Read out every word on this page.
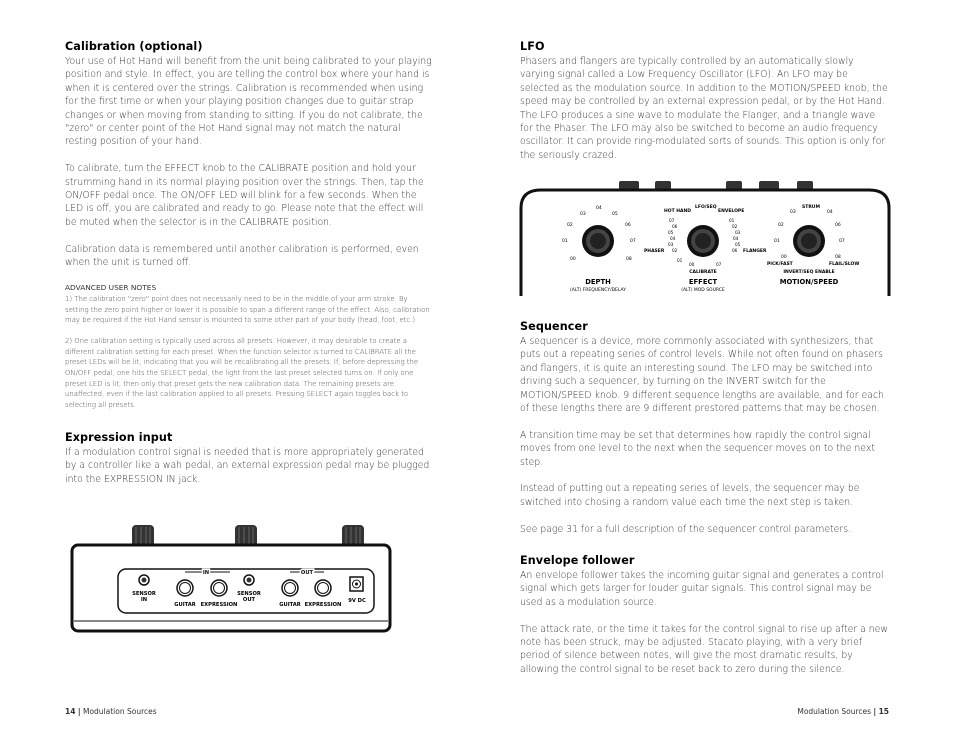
Calibration (optional)

Your use of Hot Hand will benefit from the unit being calibrated to your playing position and style. In effect, you are telling the control box where your hand is when it is centered over the strings. Calibration is recommended when using for the first time or when your playing position changes due to guitar strap changes or when moving from standing to sitting. If you do not calibrate, the "zero" or center point of the Hot Hand signal may not match the natural resting position of your hand.

To calibrate, turn the EFFECT knob to the CALIBRATE position and hold your strumming hand in its normal playing position over the strings. Then, tap the ON/OFF pedal once. The ON/OFF LED will blink for a few seconds. When the LED is off, you are calibrated and ready to go. Please note that the effect will be muted when the selector is in the CALIBRATE position.

Calibration data is remembered until another calibration is performed, even when the unit is turned off.

ADVANCED USER NOTES

1) The calibration "zero" point does not necessarily need to be in the middle of your arm stroke. By setting the zero point higher or lower it is possible to span a different range of the effect. Also, calibration may be required if the Hot Hand sensor is mounted to some other part of your body (head, foot, etc.)

2) One calibration setting is typically used across all presets. However, it may desirable to create a different calibration setting for each preset. When the function selector is turned to CALIBRATE all the preset LEDs will be lit, indicating that you will be recalibrating all the presets. If, before depressing the ON/OFF pedal, one hits the SELECT pedal, the light from the last preset selected turns on. If only one preset LED is lit, then only that preset gets the new calibration data. The remaining presets are unaffected, even if the last calibration applied to all presets. Pressing SELECT again toggles back to selecting all presets.

Expression input

If a modulation control signal is needed that is more appropriately generated by a controller like a wah pedal, an external expression pedal may be plugged into the EXPRESSION IN jack.

SENSOR
IN
IN
GUITAR EXPRESSION
SENSOR
OUT
OUT
GUITAR EXPRESSION
9V DC
LFO

Phasers and flangers are typically controlled by an automatically slowly varying signal called a Low Frequency Oscillator (LFO). An LFO may be selected as the modulation source. In addition to the MOTION/SPEED knob, the speed may be controlled by an external expression pedal, or by the Hot Hand. The LFO produces a sine wave to modulate the Flanger, and a triangle wave for the Phaser. The LFO may also be switched to become an audio frequency oscillator. It can provide ring-modulated sorts of sounds. This option is only for the seriously crazed.

00
01
02
03
04
05
06
07
08
DEPTH
(ALT) FREQUENCY/DELAY
07
06
05
04
03
02
01
00
01
02
03
04
05
06
07
HOT HAND
LFO/SEQ
ENVELOPE
PHASER	FLANGER
CALIBRATE
EFFECT
(ALT) MOD SOURCE
02
01
00
03	04
06
07
08
STRUM
PICK/FAST	FLAIL/SLOW
INVERT/SEQ ENABLE
MOTION/SPEED
Sequencer

A sequencer is a device, more commonly associated with synthesizers, that puts out a repeating series of control levels. While not often found on phasers and flangers, it is quite an interesting sound. The LFO may be switched into driving such a sequencer, by turning on the INVERT switch for the MOTION/SPEED knob. 9 different sequence lengths are available, and for each of these lengths there are 9 different prestored patterns that may be chosen.

A transition time may be set that determines how rapidly the control signal moves from one level to the next when the sequencer moves on to the next step.

Instead of putting out a repeating series of levels, the sequencer may be switched into chosing a random value each time the next step is taken.

See page 31 for a full description of the sequencer control parameters.

Envelope follower

An envelope follower takes the incoming guitar signal and generates a control signal which gets larger for louder guitar signals. This control signal may be used as a modulation source.

The attack rate, or the time it takes for the control signal to rise up after a new note has been struck, may be adjusted. Stacato playing, with a very brief period of silence between notes, will give the most dramatic results, by allowing the control signal to be reset back to zero during the silence.

14 | Modulation Sources	Modulation Sources | 15
